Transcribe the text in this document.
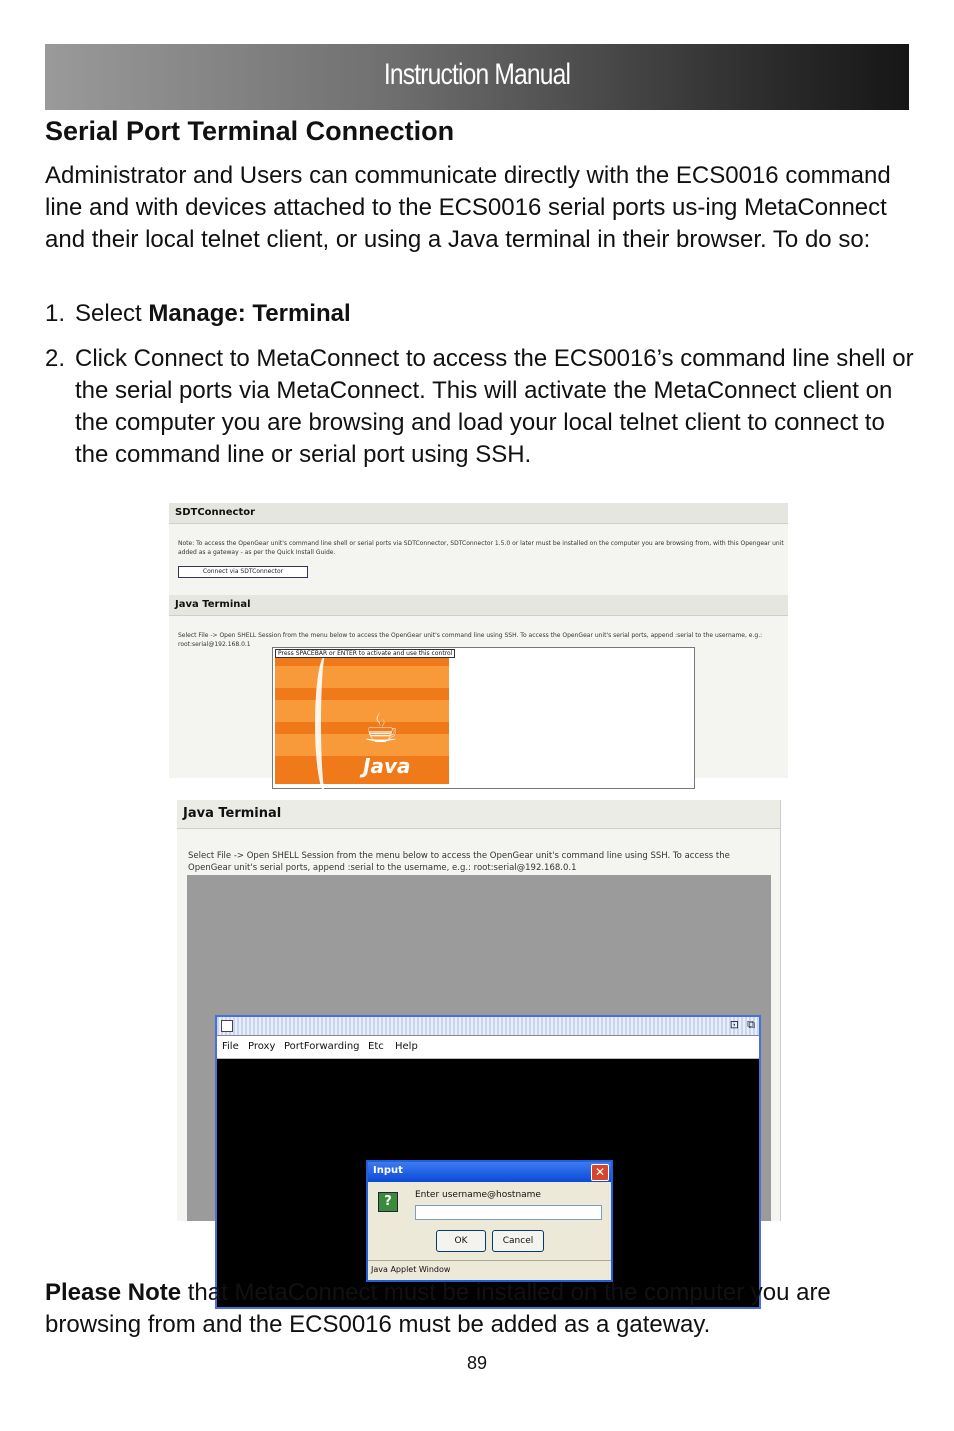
Instruction Manual
Serial Port Terminal Connection

Administrator and Users can communicate directly with the ECS0016 command line and with devices attached to the ECS0016 serial ports us-ing MetaConnect and their local telnet client, or using a Java terminal in their browser. To do so:

1. Select Manage: Terminal
2. Click Connect to MetaConnect to access the ECS0016’s command line shell or the serial ports via MetaConnect. This will activate the MetaConnect client on the computer you are browsing and load your local telnet client to connect to the command line or serial port using SSH.
SDTConnector
Note: To access the OpenGear unit's command line shell or serial ports via SDTConnector, SDTConnector 1.5.0 or later must be installed on the computer you are browsing from, with this Opengear unit added as a gateway - as per the Quick Install Guide.
Connect via SDTConnector
Java Terminal
Select File -> Open SHELL Session from the menu below to access the OpenGear unit's command line using SSH. To access the OpenGear unit's serial ports, append :serial to the username, e.g.: root:serial@192.168.0.1
☕
Java
Press SPACEBAR or ENTER to activate and use this control
Java Terminal
Select File -> Open SHELL Session from the menu below to access the OpenGear unit's command line using SSH. To access the OpenGear unit's serial ports, append :serial to the username, e.g.: root:serial@192.168.0.1
⊡ ⧉
File Proxy PortForwarding Etc Help
Input	✕
?	Enter username@hostname
OK	Cancel
Java Applet Window

Please Note that MetaConnect must be installed on the computer you are browsing from and the ECS0016 must be added as a gateway.

89
